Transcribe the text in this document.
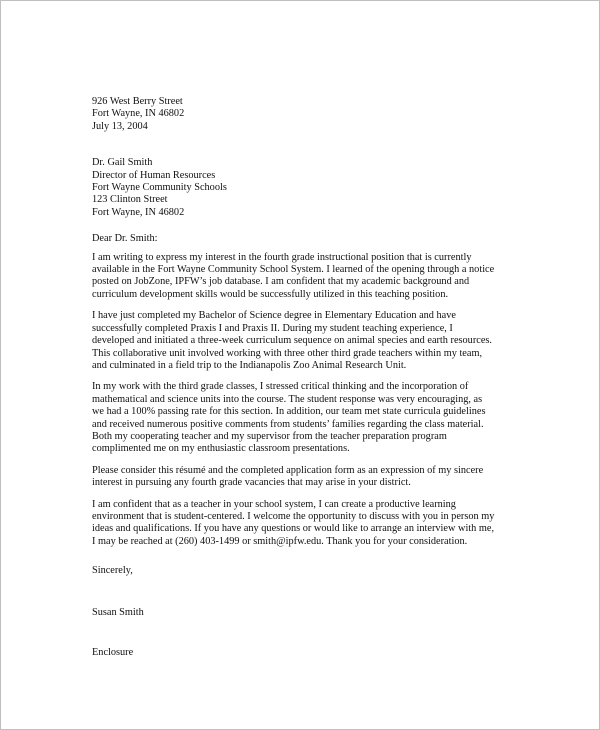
926 West Berry Street
Fort Wayne, IN 46802
July 13, 2004
Dr. Gail Smith
Director of Human Resources
Fort Wayne Community Schools
123 Clinton Street
Fort Wayne, IN 46802
Dear Dr. Smith:
I am writing to express my interest in the fourth grade instructional position that is currently
available in the Fort Wayne Community School System. I learned of the opening through a notice
posted on JobZone, IPFW’s job database. I am confident that my academic background and
curriculum development skills would be successfully utilized in this teaching position.
I have just completed my Bachelor of Science degree in Elementary Education and have
successfully completed Praxis I and Praxis II. During my student teaching experience, I
developed and initiated a three-week curriculum sequence on animal species and earth resources.
This collaborative unit involved working with three other third grade teachers within my team,
and culminated in a field trip to the Indianapolis Zoo Animal Research Unit.
In my work with the third grade classes, I stressed critical thinking and the incorporation of
mathematical and science units into the course. The student response was very encouraging, as
we had a 100% passing rate for this section. In addition, our team met state curricula guidelines
and received numerous positive comments from students’ families regarding the class material.
Both my cooperating teacher and my supervisor from the teacher preparation program
complimented me on my enthusiastic classroom presentations.
Please consider this résumé and the completed application form as an expression of my sincere
interest in pursuing any fourth grade vacancies that may arise in your district.
I am confident that as a teacher in your school system, I can create a productive learning
environment that is student-centered. I welcome the opportunity to discuss with you in person my
ideas and qualifications. If you have any questions or would like to arrange an interview with me,
I may be reached at (260) 403-1499 or smith@ipfw.edu. Thank you for your consideration.
Sincerely,
Susan Smith
Enclosure
